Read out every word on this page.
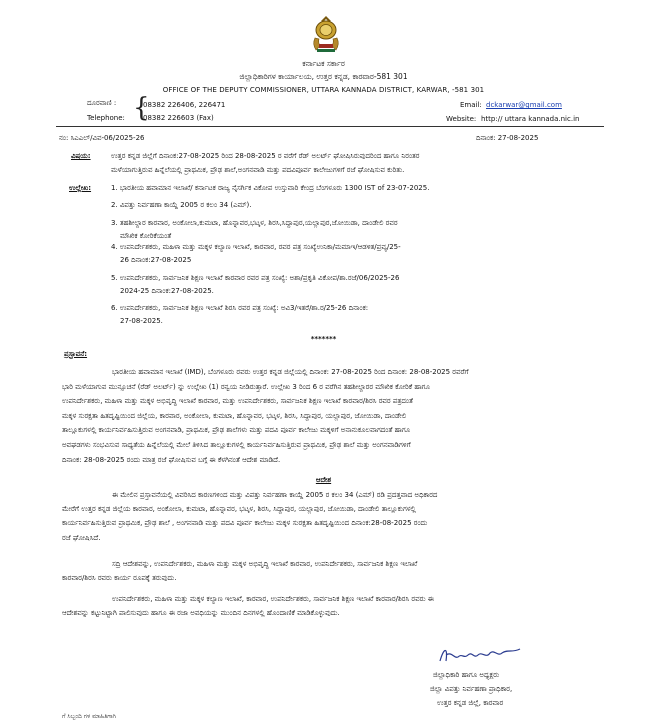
ಕರ್ನಾಟಕ ಸರ್ಕಾರ
ಜಿಲ್ಲಾಧಿಕಾರಿಗಳ ಕಾರ್ಯಾಲಯ, ಉತ್ತರ ಕನ್ನಡ, ಕಾರವಾರ-581 301
OFFICE OF THE DEPUTY COMMISSIONER, UTTARA KANNADA DISTRICT, KARWAR, -581 301
ದೂರವಾಣಿ : {
08382 226406, 226471
Telephone:	08382 226603 (Fax)
Email: dckarwar@gmail.com
Website: http:// uttara kannada.nic.in
ನಂ: ಸಿಎಎಲ್/ವಿವ-06/2025-26	ದಿನಾಂಕ: 27-08-2025
ವಿಷಯ:	ಉತ್ತರ ಕನ್ನಡ ಜಿಲ್ಲೆಗೆ ದಿನಾಂಕ:27-08-2025 ರಿಂದ 28-08-2025 ರ ವರೆಗೆ ರೆಡ್ ಅಲರ್ಟ್ ಘೋಷಿಸಿರುವುದರಿಂದ ಹಾಗೂ ನಿರಂತರ
ಮಳೆಯಾಗುತ್ತಿರುವ ಹಿನ್ನೆಲೆಯಲ್ಲಿ ಪ್ರಾಥಮಿಕ, ಪ್ರೌಢ ಶಾಲೆ,ಅಂಗನವಾಡಿ ಮತ್ತು ಪದವಿಪೂರ್ವ ಕಾಲೇಜುಗಳಿಗೆ ರಜೆ ಘೋಷಿಸುವ ಕುರಿತು.
ಉಲ್ಲೇಖ:	1. ಭಾರತೀಯ ಹವಾಮಾನ ಇಲಾಖೆ/ ಕರ್ನಾಟಕ ರಾಜ್ಯ ನೈಸರ್ಗಿಕ ವಿಕೋಪ ಉಸ್ತುವಾರಿ ಕೇಂದ್ರ ಬೆಂಗಳೂರು 1300 IST of 23-07-2025.
2. ವಿಪತ್ತು ನಿರ್ವಹಣಾ ಕಾಯ್ದೆ 2005 ರ ಕಲಂ 34 (ಎಮ್).
3. ತಹಶೀಲ್ದಾರ ಕಾರವಾರ, ಅಂಕೋಲಾ,ಕುಮಟಾ, ಹೊನ್ನಾವರ,ಭಟ್ಕಳ, ಶಿರಸಿ,ಸಿದ್ದಾಪುರ,ಯಲ್ಲಾಪುರ,ಜೋಯಿಡಾ, ದಾಂಡೇಲಿ ರವರ
ಮೌಖಿಕ ಕೋರಿಕೆಯಂತೆ
4. ಉಪನಿರ್ದೇಶಕರು, ಮಹಿಳಾ ಮತ್ತು ಮಕ್ಕಳ ಕಲ್ಯಾಣ ಇಲಾಖೆ, ಕಾರವಾರ, ರವರ ಪತ್ರ ಸಂಖ್ಯೆಉನಿಕಾ/ಮಮಾಇ/ಆಡಳಿತ/ಪ್ರವ್ಯ/25-
26 ದಿನಾಂಕ:27-08-2025
5. ಉಪನಿರ್ದೇಶಕರು, ಸಾರ್ವಜನಿಕ ಶಿಕ್ಷಣ ಇಲಾಖೆ ಕಾರವಾರ ರವರ ಪತ್ರ ಸಂಖ್ಯೆ: ಅಶಾ/ಪ್ರಕೃತಿ ವಿಕೋಪ/ಶಾ.ರಜೆ/06/2025-26
2024-25 ದಿನಾಂಕ:27-08-2025.
6. ಉಪನಿರ್ದೇಶಕರು, ಸಾರ್ವಜನಿಕ ಶಿಕ್ಷಣ ಇಲಾಖೆ ಶಿರಸಿ ರವರ ಪತ್ರ ಸಂಖ್ಯೆ: ಅವಿ3/ಇತರೆ/ಶಾ.ರ/25-26 ದಿನಾಂಕ:
27-08-2025.
*******
ಪ್ರಸ್ತಾವನೆ:
ಭಾರತೀಯ ಹವಾಮಾನ ಇಲಾಖೆ (IMD), ಬೆಂಗಳೂರು ರವರು ಉತ್ತರ ಕನ್ನಡ ಜಿಲ್ಲೆಯಲ್ಲಿ ದಿನಾಂಕ: 27-08-2025 ರಿಂದ ದಿನಾಂಕ: 28-08-2025 ರವರೆಗೆ
ಭಾರಿ ಮಳೆಯಾಗುವ ಮುನ್ಸೂಚನೆ (ರೆಡ್ ಅಲರ್ಟ್) ನ್ನು ಉಲ್ಲೇಖ (1) ರನ್ವಯ ನೀಡಿರುತ್ತಾರೆ. ಉಲ್ಲೇಖ 3 ರಿಂದ 6 ರ ವರೆಗಿನ ತಹಶೀಲ್ದಾರರ ಮೌಖಿಕ ಕೋರಿಕೆ ಹಾಗೂ
ಉಪನಿರ್ದೇಶಕರು, ಮಹಿಳಾ ಮತ್ತು ಮಕ್ಕಳ ಅಭಿವೃದ್ಧಿ ಇಲಾಖೆ ಕಾರವಾರ, ಮತ್ತು ಉಪನಿರ್ದೇಶಕರು, ಸಾರ್ವಜನಿಕ ಶಿಕ್ಷಣ ಇಲಾಖೆ ಕಾರವಾರ/ಶಿರಸಿ ರವರ ಪತ್ರದಂತೆ
ಮಕ್ಕಳ ಸುರಕ್ಷತಾ ಹಿತದೃಷ್ಟಿಯಿಂದ ಜಿಲ್ಲೆಯ, ಕಾರವಾರ, ಅಂಕೋಲಾ, ಕುಮಟಾ, ಹೊನ್ನಾವರ, ಭಟ್ಕಳ, ಶಿರಸಿ, ಸಿದ್ದಾಪುರ, ಯಲ್ಲಾಪುರ, ಜೋಯಿಡಾ, ದಾಂಡೇಲಿ
ತಾಲ್ಲೂಕುಗಳಲ್ಲಿ ಕಾರ್ಯನಿರ್ವಹಿಸುತ್ತಿರುವ ಅಂಗನವಾಡಿ, ಪ್ರಾಥಮಿಕ, ಪ್ರೌಢ ಶಾಲೆಗಳು ಮತ್ತು ಪದವಿ ಪೂರ್ವ ಕಾಲೇಜು ಮಕ್ಕಳಿಗೆ ಅನಾನುಕೂಲವಾಗದಂತೆ ಹಾಗೂ
ಅವಘಡಗಳು ಸಂಭವಿಸುವ ಸಾಧ್ಯತೆಯ ಹಿನ್ನೆಲೆಯಲ್ಲಿ ಮೇಲೆ ತಿಳಿಸಿದ ತಾಲ್ಲೂಕುಗಳಲ್ಲಿ ಕಾರ್ಯನಿರ್ವಹಿಸುತ್ತಿರುವ ಪ್ರಾಥಮಿಕ, ಪ್ರೌಢ ಶಾಲೆ ಮತ್ತು ಅಂಗನವಾಡಿಗಳಿಗೆ
ದಿನಾಂಕ: 28-08-2025 ರಂದು ಮಾತ್ರ ರಜೆ ಘೋಷಿಸುವ ಬಗ್ಗೆ ಈ ಕೆಳಗಿನಂತೆ ಆದೇಶ ಮಾಡಿದೆ.
ಆದೇಶ
ಈ ಮೇಲಿನ ಪ್ರಸ್ತಾವನೆಯಲ್ಲಿ ವಿವರಿಸಿದ ಕಾರಣಗಳಿಂದ ಮತ್ತು ವಿಪತ್ತು ನಿರ್ವಹಣಾ ಕಾಯ್ದೆ 2005 ರ ಕಲಂ 34 (ಎಮ್) ರಡಿ ಪ್ರದತ್ತವಾದ ಅಧಿಕಾರದ
ಮೇರೆಗೆ ಉತ್ತರ ಕನ್ನಡ ಜಿಲ್ಲೆಯ ಕಾರವಾರ, ಅಂಕೋಲಾ, ಕುಮಟಾ, ಹೊನ್ನಾವರ, ಭಟ್ಕಳ, ಶಿರಸಿ, ಸಿದ್ದಾಪುರ, ಯಲ್ಲಾಪುರ, ಜೋಯಿಡಾ, ದಾಂಡೇಲಿ ತಾಲ್ಲೂಕುಗಳಲ್ಲಿ
ಕಾರ್ಯನಿರ್ವಹಿಸುತ್ತಿರುವ ಪ್ರಾಥಮಿಕ, ಪ್ರೌಢ ಶಾಲೆ , ಅಂಗನವಾಡಿ ಮತ್ತು ಪದವಿ ಪೂರ್ವ ಕಾಲೇಜು ಮಕ್ಕಳ ಸುರಕ್ಷತಾ ಹಿತದೃಷ್ಟಿಯಿಂದ ದಿನಾಂಕ:28-08-2025 ರಂದು
ರಜೆ ಘೋಷಿಸಿದೆ.
ಸದ್ರಿ ಆದೇಶವನ್ನು, ಉಪನಿರ್ದೇಶಕರು, ಮಹಿಳಾ ಮತ್ತು ಮಕ್ಕಳ ಅಭಿವೃದ್ಧಿ ಇಲಾಖೆ ಕಾರವಾರ, ಉಪನಿರ್ದೇಶಕರು, ಸಾರ್ವಜನಿಕ ಶಿಕ್ಷಣ ಇಲಾಖೆ
ಕಾರವಾರ/ಶಿರಸಿ ರವರು ಕಾರ್ಯ ರೂಪಕ್ಕೆ ತರುವುದು.
ಉಪನಿರ್ದೇಶಕರು, ಮಹಿಳಾ ಮತ್ತು ಮಕ್ಕಳ ಕಲ್ಯಾಣ ಇಲಾಖೆ, ಕಾರವಾರ, ಉಪನಿರ್ದೇಶಕರು, ಸಾರ್ವಜನಿಕ ಶಿಕ್ಷಣ ಇಲಾಖೆ ಕಾರವಾರ/ಶಿರಸಿ ರವರು ಈ
ಆದೇಶವನ್ನು ಕಟ್ಟುನಿಟ್ಟಾಗಿ ಪಾಲಿಸುವುದು ಹಾಗೂ ಈ ರಜಾ ಅವಧಿಯನ್ನು ಮುಂದಿನ ದಿನಗಳಲ್ಲಿ ಹೊಂದಾಣಿಕೆ ಮಾಡಿಕೊಳ್ಳುವುದು.
ಜಿಲ್ಲಾಧಿಕಾರಿ ಹಾಗೂ ಅಧ್ಯಕ್ಷರು
ಜಿಲ್ಲಾ ವಿಪತ್ತು ನಿರ್ವಹಣಾ ಪ್ರಾಧಿಕಾರ,
ಉತ್ತರ ಕನ್ನಡ ಜಿಲ್ಲೆ, ಕಾರವಾರ
ಗೆ ಸಿಬ್ಬಂದಿ ಗಳ ಮಾಹಿತಿಗಾಗಿ
